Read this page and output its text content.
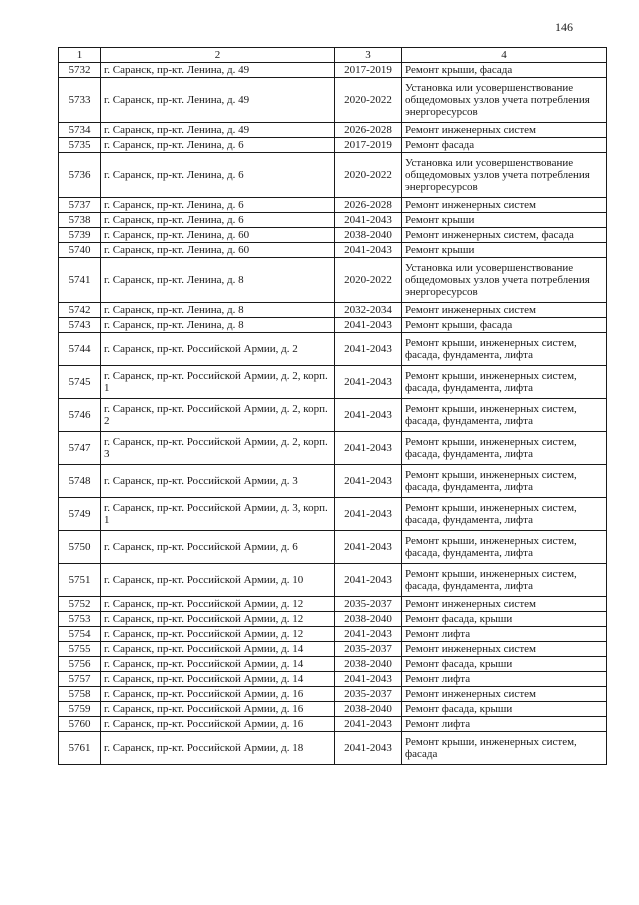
146
1	2	3	4
5732	г. Саранск, пр-кт. Ленина, д. 49	2017-2019	Ремонт крыши, фасада
5733	г. Саранск, пр-кт. Ленина, д. 49	2020-2022	Установка или усовершенствование общедомовых узлов учета потребления энергоресурсов
5734	г. Саранск, пр-кт. Ленина, д. 49	2026-2028	Ремонт инженерных систем
5735	г. Саранск, пр-кт. Ленина, д. 6	2017-2019	Ремонт фасада
5736	г. Саранск, пр-кт. Ленина, д. 6	2020-2022	Установка или усовершенствование общедомовых узлов учета потребления энергоресурсов
5737	г. Саранск, пр-кт. Ленина, д. 6	2026-2028	Ремонт инженерных систем
5738	г. Саранск, пр-кт. Ленина, д. 6	2041-2043	Ремонт крыши
5739	г. Саранск, пр-кт. Ленина, д. 60	2038-2040	Ремонт инженерных систем, фасада
5740	г. Саранск, пр-кт. Ленина, д. 60	2041-2043	Ремонт крыши
5741	г. Саранск, пр-кт. Ленина, д. 8	2020-2022	Установка или усовершенствование общедомовых узлов учета потребления энергоресурсов
5742	г. Саранск, пр-кт. Ленина, д. 8	2032-2034	Ремонт инженерных систем
5743	г. Саранск, пр-кт. Ленина, д. 8	2041-2043	Ремонт крыши, фасада
5744	г. Саранск, пр-кт. Российской Армии, д. 2	2041-2043	Ремонт крыши, инженерных систем, фасада, фундамента, лифта
5745	г. Саранск, пр-кт. Российской Армии, д. 2, корп. 1	2041-2043	Ремонт крыши, инженерных систем, фасада, фундамента, лифта
5746	г. Саранск, пр-кт. Российской Армии, д. 2, корп. 2	2041-2043	Ремонт крыши, инженерных систем, фасада, фундамента, лифта
5747	г. Саранск, пр-кт. Российской Армии, д. 2, корп. 3	2041-2043	Ремонт крыши, инженерных систем, фасада, фундамента, лифта
5748	г. Саранск, пр-кт. Российской Армии, д. 3	2041-2043	Ремонт крыши, инженерных систем, фасада, фундамента, лифта
5749	г. Саранск, пр-кт. Российской Армии, д. 3, корп. 1	2041-2043	Ремонт крыши, инженерных систем, фасада, фундамента, лифта
5750	г. Саранск, пр-кт. Российской Армии, д. 6	2041-2043	Ремонт крыши, инженерных систем, фасада, фундамента, лифта
5751	г. Саранск, пр-кт. Российской Армии, д. 10	2041-2043	Ремонт крыши, инженерных систем, фасада, фундамента, лифта
5752	г. Саранск, пр-кт. Российской Армии, д. 12	2035-2037	Ремонт инженерных систем
5753	г. Саранск, пр-кт. Российской Армии, д. 12	2038-2040	Ремонт фасада, крыши
5754	г. Саранск, пр-кт. Российской Армии, д. 12	2041-2043	Ремонт лифта
5755	г. Саранск, пр-кт. Российской Армии, д. 14	2035-2037	Ремонт инженерных систем
5756	г. Саранск, пр-кт. Российской Армии, д. 14	2038-2040	Ремонт фасада, крыши
5757	г. Саранск, пр-кт. Российской Армии, д. 14	2041-2043	Ремонт лифта
5758	г. Саранск, пр-кт. Российской Армии, д. 16	2035-2037	Ремонт инженерных систем
5759	г. Саранск, пр-кт. Российской Армии, д. 16	2038-2040	Ремонт фасада, крыши
5760	г. Саранск, пр-кт. Российской Армии, д. 16	2041-2043	Ремонт лифта
5761	г. Саранск, пр-кт. Российской Армии, д. 18	2041-2043	Ремонт крыши, инженерных систем, фасада
